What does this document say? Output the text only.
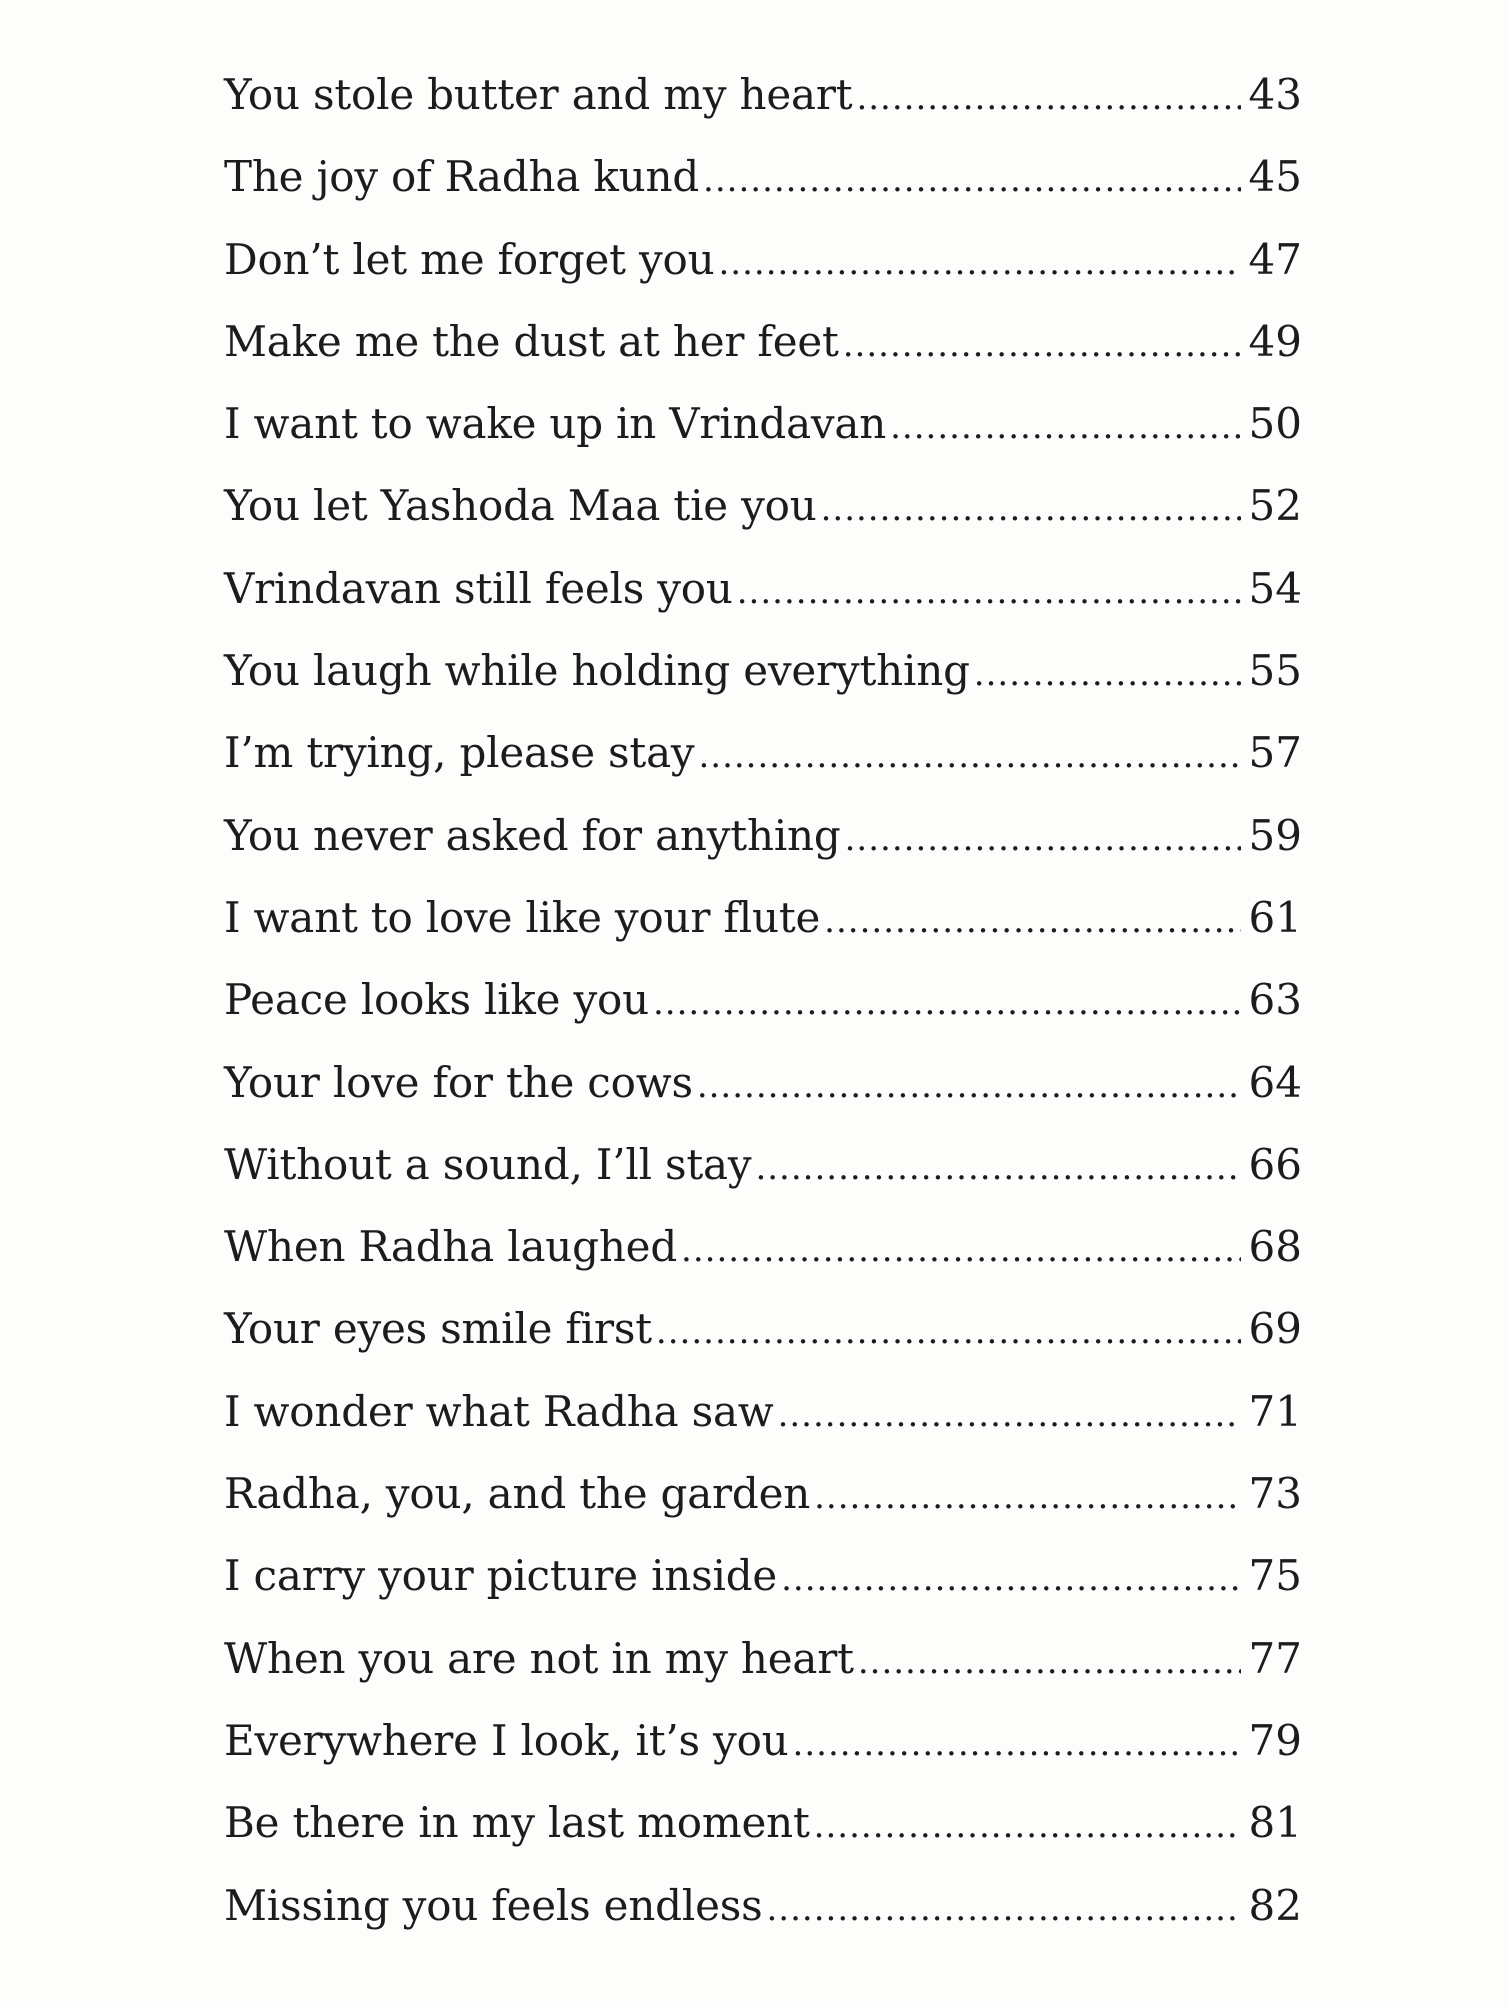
You stole butter and my heart .....	43
The joy of Radha kund .....	45
Don’t let me forget you .....	47
Make me the dust at her feet .....	49
I want to wake up in Vrindavan .....	50
You let Yashoda Maa tie you .....	52
Vrindavan still feels you .....	54
You laugh while holding everything .....	55
I’m trying, please stay .....	57
You never asked for anything .....	59
I want to love like your flute .....	61
Peace looks like you .....	63
Your love for the cows .....	64
Without a sound, I’ll stay .....	66
When Radha laughed .....	68
Your eyes smile first .....	69
I wonder what Radha saw .....	71
Radha, you, and the garden .....	73
I carry your picture inside .....	75
When you are not in my heart .....	77
Everywhere I look, it’s you .....	79
Be there in my last moment .....	81
Missing you feels endless .....	82
